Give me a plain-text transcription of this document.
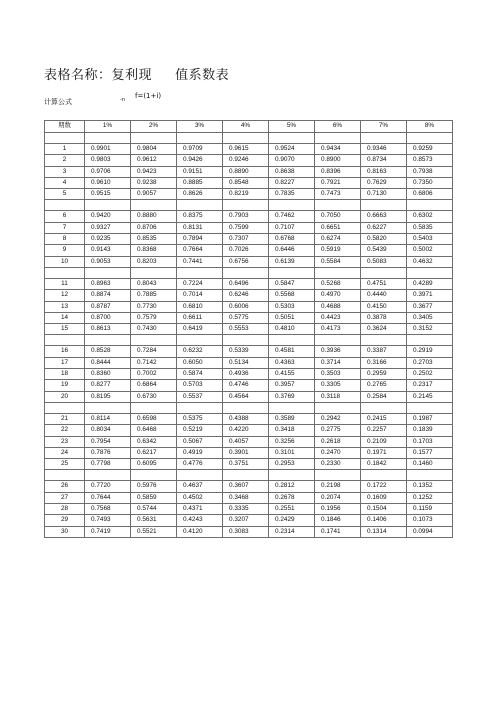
表格名称：复利现     值系数表
计算公式	-n f=(1+i)
期数	1%	2%	3%	4%	5%	6%	7%	8%

1	0.9901	0.9804	0.9709	0.9615	0.9524	0.9434	0.9346	0.9259
2	0.9803	0.9612	0.9426	0.9246	0.9070	0.8900	0.8734	0.8573
3	0.9706	0.9423	0.9151	0.8890	0.8638	0.8396	0.8163	0.7938
4	0.9610	0.9238	0.8885	0.8548	0.8227	0.7921	0.7629	0.7350
5	0.9515	0.9057	0.8626	0.8219	0.7835	0.7473	0.7130	0.6806

6	0.9420	0.8880	0.8375	0.7903	0.7462	0.7050	0.6663	0.6302
7	0.9327	0.8706	0.8131	0.7599	0.7107	0.6651	0.6227	0.5835
8	0.9235	0.8535	0.7894	0.7307	0.6768	0.6274	0.5820	0.5403
9	0.9143	0.8368	0.7664	0.7026	0.6446	0.5919	0.5439	0.5002
10	0.9053	0.8203	0.7441	0.6756	0.6139	0.5584	0.5083	0.4632

11	0.8963	0.8043	0.7224	0.6496	0.5847	0.5268	0.4751	0.4289
12	0.8874	0.7885	0.7014	0.6246	0.5568	0.4970	0.4440	0.3971
13	0.8787	0.7730	0.6810	0.6006	0.5303	0.4688	0.4150	0.3677
14	0.8700	0.7579	0.6611	0.5775	0.5051	0.4423	0.3878	0.3405
15	0.8613	0.7430	0.6419	0.5553	0.4810	0.4173	0.3624	0.3152

16	0.8528	0.7284	0.6232	0.5339	0.4581	0.3936	0.3387	0.2919
17	0.8444	0.7142	0.6050	0.5134	0.4363	0.3714	0.3166	0.2703
18	0.8360	0.7002	0.5874	0.4936	0.4155	0.3503	0.2959	0.2502
19	0.8277	0.6864	0.5703	0.4746	0.3957	0.3305	0.2765	0.2317
20	0.8195	0.6730	0.5537	0.4564	0.3769	0.3118	0.2584	0.2145

21	0.8114	0.6598	0.5375	0.4388	0.3589	0.2942	0.2415	0.1987
22	0.8034	0.6468	0.5219	0.4220	0.3418	0.2775	0.2257	0.1839
23	0.7954	0.6342	0.5067	0.4057	0.3256	0.2618	0.2109	0.1703
24	0.7876	0.6217	0.4919	0.3901	0.3101	0.2470	0.1971	0.1577
25	0.7798	0.6095	0.4776	0.3751	0.2953	0.2330	0.1842	0.1460

26	0.7720	0.5976	0.4637	0.3607	0.2812	0.2198	0.1722	0.1352
27	0.7644	0.5859	0.4502	0.3468	0.2678	0.2074	0.1609	0.1252
28	0.7568	0.5744	0.4371	0.3335	0.2551	0.1956	0.1504	0.1159
29	0.7493	0.5631	0.4243	0.3207	0.2429	0.1846	0.1406	0.1073
30	0.7419	0.5521	0.4120	0.3083	0.2314	0.1741	0.1314	0.0994
